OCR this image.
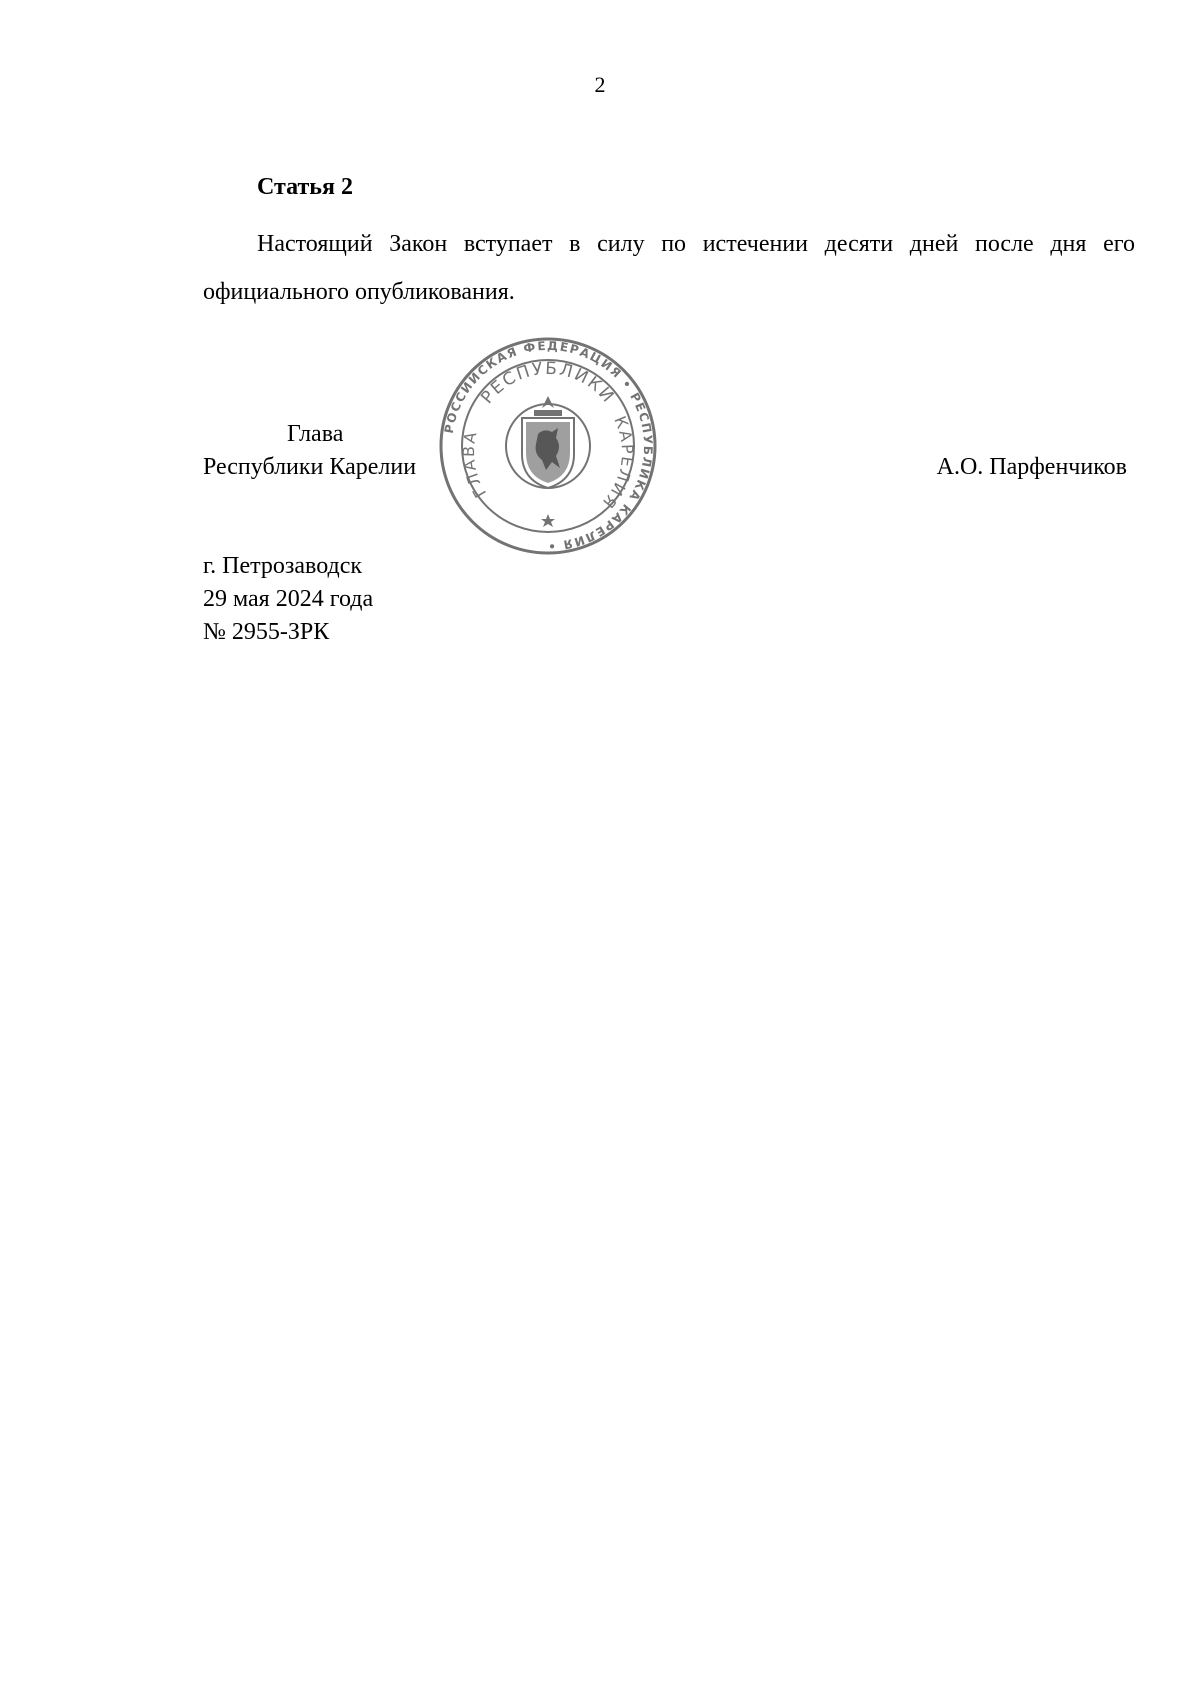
2
Статья 2

Настоящий Закон вступает в силу по истечении десяти дней после дня его официального опубликования.

Глава
Республики Карелии
РОССИЙСКАЯ ФЕДЕРАЦИЯ • РЕСПУБЛИКА КАРЕЛИЯ •
РЕСПУБЛИКИ
ГЛАВА
КАРЕЛИЯ
А.О. Парфенчиков
г. Петрозаводск
29 мая 2024 года
№ 2955-ЗРК
